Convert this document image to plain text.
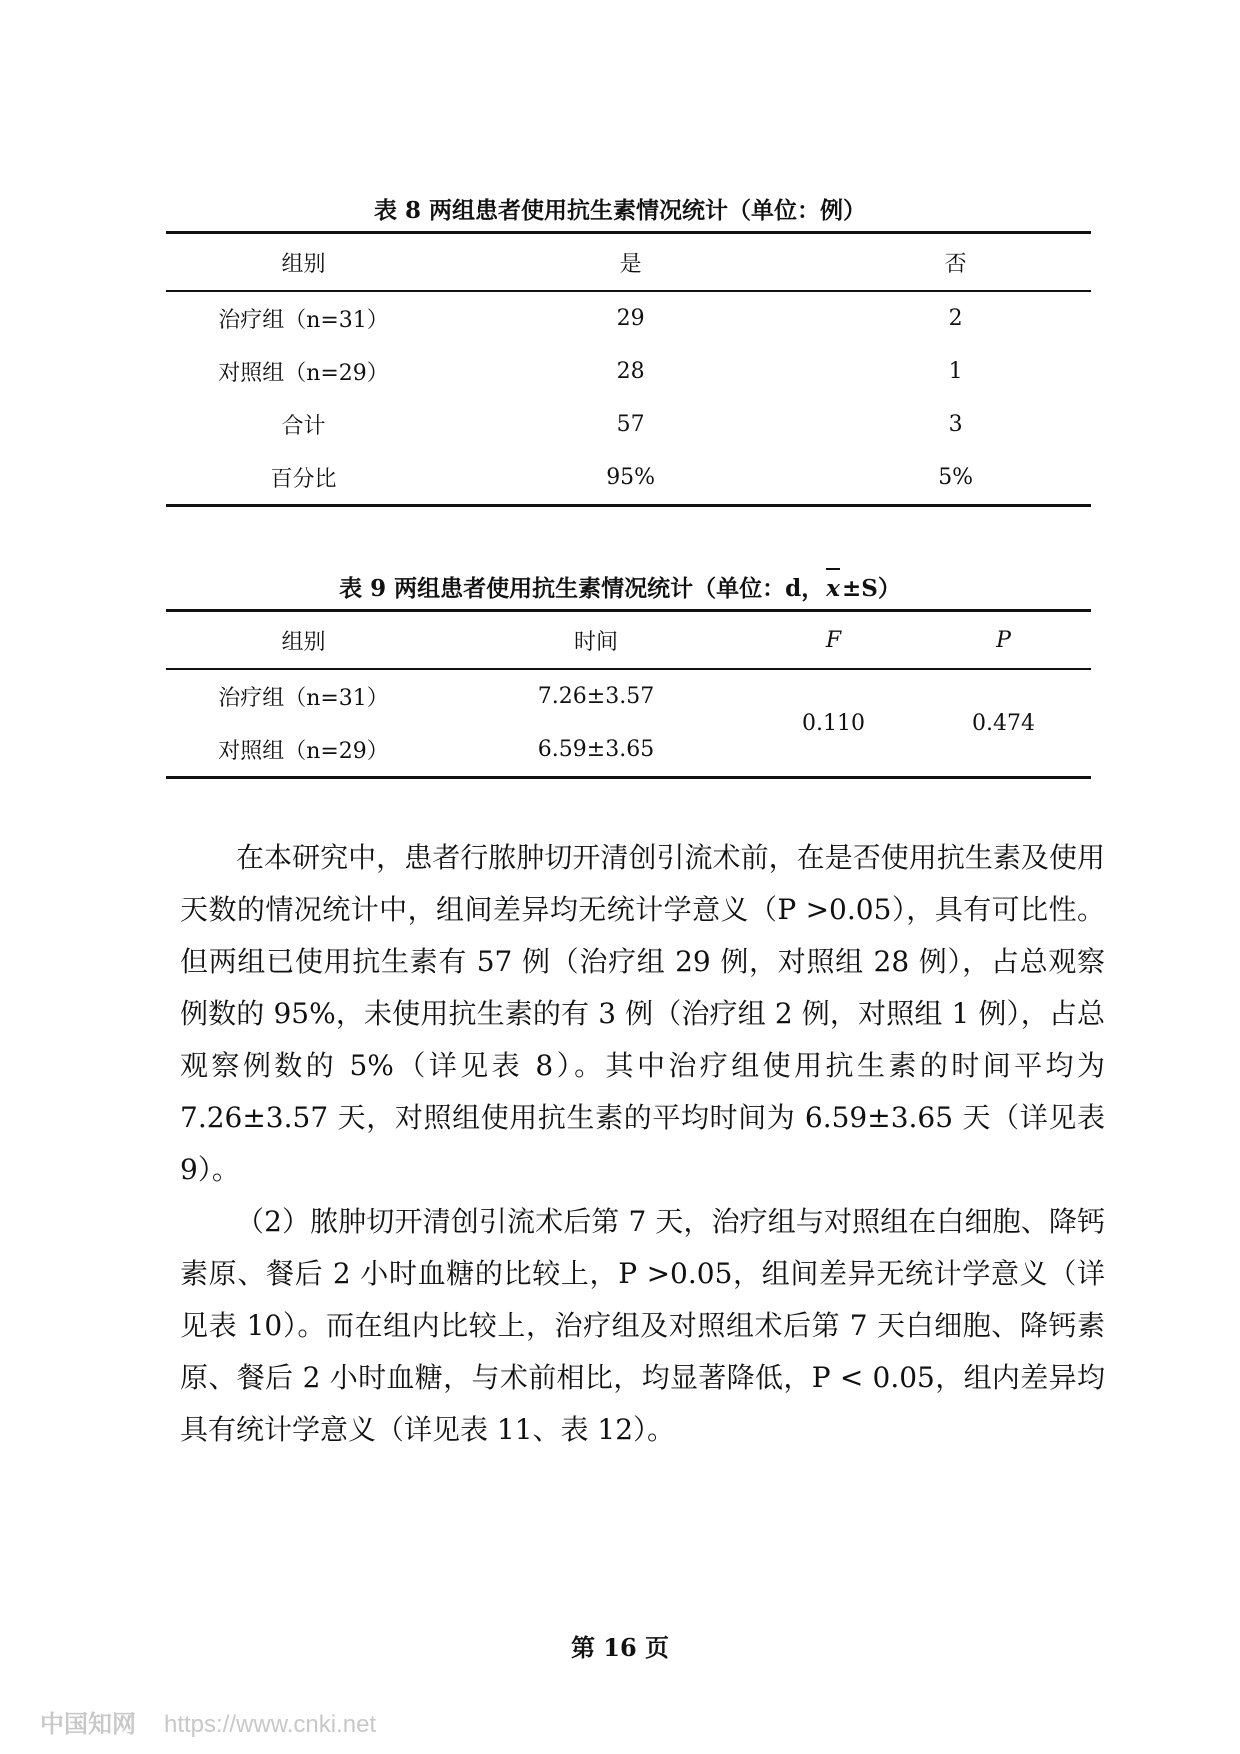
表 8 两组患者使用抗生素情况统计（单位：例）
组别	是	否
治疗组（n=31）	29	2
对照组（n=29）	28	1
合计	57	3
百分比	95%	5%
表 9 两组患者使用抗生素情况统计（单位：d，x±S）
组别	时间	F	P
治疗组（n=31）	7.26±3.57	0.110	0.474
对照组（n=29）	6.59±3.65		

在本研究中，患者行脓肿切开清创引流术前，在是否使用抗生素及使用天数的情况统计中，组间差异均无统计学意义（P >0.05），具有可比性。但两组已使用抗生素有 57 例（治疗组 29 例，对照组 28 例），占总观察例数的 95%，未使用抗生素的有 3 例（治疗组 2 例，对照组 1 例），占总观察例数的 5%（详见表 8）。其中治疗组使用抗生素的时间平均为 7.26±3.57 天，对照组使用抗生素的平均时间为 6.59±3.65 天（详见表 9）。

（2）脓肿切开清创引流术后第 7 天，治疗组与对照组在白细胞、降钙素原、餐后 2 小时血糖的比较上，P >0.05，组间差异无统计学意义（详见表 10）。而在组内比较上，治疗组及对照组术后第 7 天白细胞、降钙素原、餐后 2 小时血糖，与术前相比，均显著降低，P < 0.05，组内差异均具有统计学意义（详见表 11、表 12）。

第 16 页
中国知网 https://www.cnki.net
